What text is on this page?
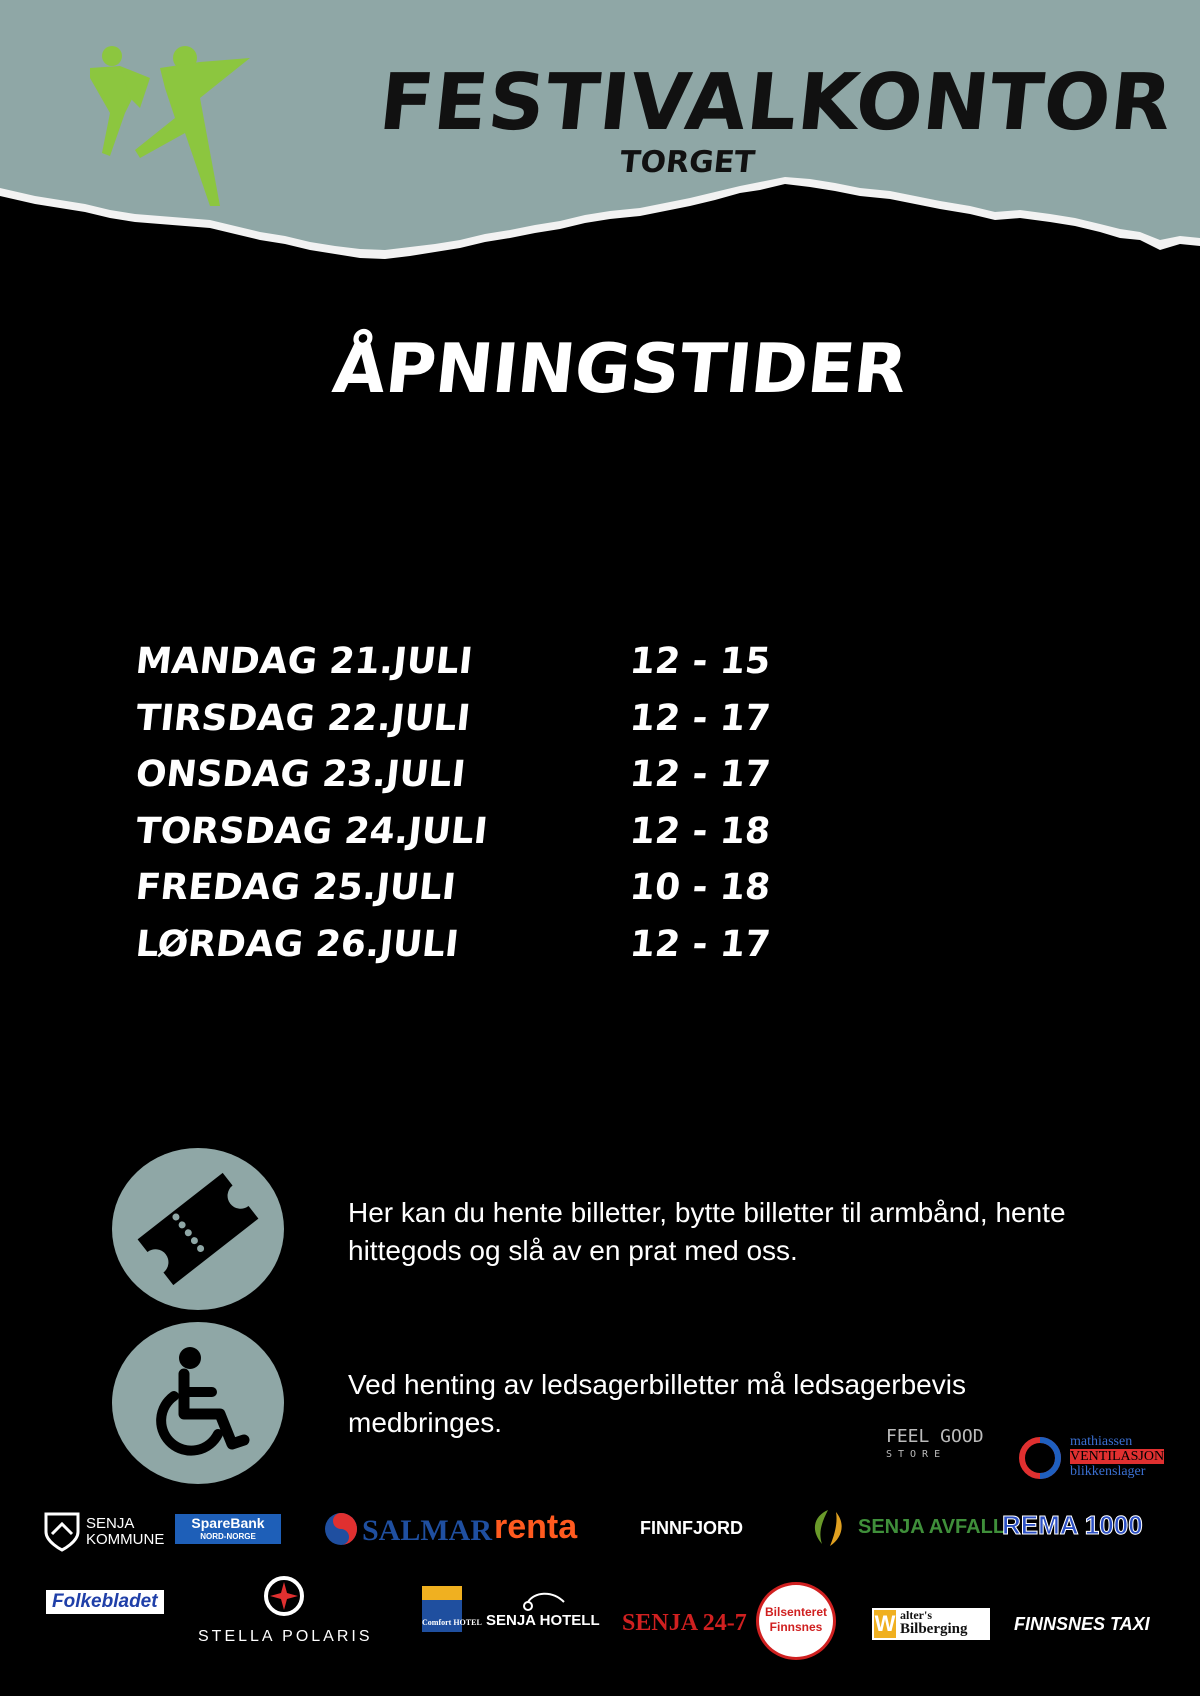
FESTIVALKONTOR
TORGET
ÅPNINGSTIDER
MANDAG 21.JULI	12 - 15
TIRSDAG 22.JULI	12 - 17
ONSDAG 23.JULI	12 - 17
TORSDAG 24.JULI	12 - 18
FREDAG 25.JULI	10 - 18
LØRDAG 26.JULI	12 - 17
Her kan du hente billetter, bytte billetter til armbånd, hente hittegods og slå av en prat med oss.
Ved henting av ledsagerbilletter må ledsagerbevis medbringes.	FEEL GOOD
STORE
mathiassen
VENTILASJON
blikkenslager
SENJA
KOMMUNE
SpareBank
NORD-NORGE	SALMAR renta	FINNFJORD	SENJA AVFALL
REMA 1000
Folkebladet
STELLA POLARIS
Comfort HOTEL SENJA HOTELL SENJA 24-7	Bilsenteret
Finnsnes	W alter's
Bilberging	FINNSNES TAXI
